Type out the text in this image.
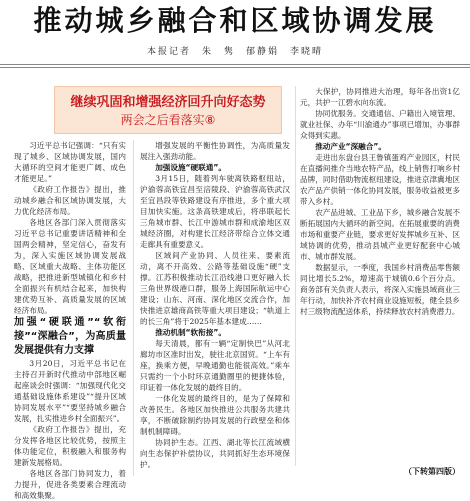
推动城乡融合和区域协调发展
本报记者　朱　隽　郁静娟　李晓晴
继续巩固和增强经济回升向好态势
两会之后看落实⑧

习近平总书记强调：“只有实现了城乡、区域协调发展，国内大循环的空间才能更广阔、成色才能更足。”

《政府工作报告》提出，推动城乡融合和区域协调发展，大力优化经济布局。

各地区各部门深入贯彻落实习近平总书记重要讲话精神和全国两会精神，坚定信心，奋发有为，深入实施区域协调发展战略、区域重大战略、主体功能区战略，把推进新型城镇化和乡村全面振兴有机结合起来，加快构建优势互补、高质量发展的区域经济布局。

加强“硬联通”“软衔接”“深融合”，为高质量发展提供有力支撑

3月20日，习近平总书记在主持召开新时代推动中部地区崛起座谈会时强调：“加强现代化交通基础设施体系建设”“提升区域协同发展水平”“要坚持城乡融合发展，扎实推进乡村全面振兴”。

《政府工作报告》提出，充分发挥各地区比较优势，按照主体功能定位，积极融入和服务构建新发展格局。

各地区各部门协同发力，着力提升，促进各类要素合理流动和高效集聚。

增强发展的平衡性协调性，为高质量发展注入强劲动能。

加强设施“硬联通”。

3月15日，随着列车驶离铁路枢纽站，沪渝蓉高铁宜昌至涪陵段、沪渝蓉高铁武汉至宜昌段等铁路建设有序推进，多个重大项目加快实施。这条高铁建成后，将串联起长三角城市群、长江中游城市群和成渝地区双城经济圈，对构建长江经济带综合立体交通走廊具有重要意义。

区域间产业协同、人员往来、要素流动，离不开高效、公路等基础设施“硬”支撑。江苏积极推动长江沿线港口更好融入长三角世界级港口群，服务上海国际航运中心建设；山东、河南、深化地区交流合作，加快推进京雄商高铁等重大项目建设；“轨道上的长三角”将于2025年基本建成……

推动机制“软衔接”。

每天清晨，都有一辆“定制快巴”从河北廊坊市区准时出发，驶往北京国贸。“上车有座，换乘方便，早晚通勤也能很高效。”乘车只需约一个小时环京通勤圈里的便捷体验，印证着一体化发展的最终目的。

一体化发展的最终目的，是为了保障和改善民生。各地区加快推进公共服务共建共享，不断破除制约协同发展的行政壁垒和体制机制障碍。

协同护生态。江西、湖北等长江流域横向生态保护补偿协议，共同抓好生态环境保护。

大保护，协同推进大治理，每年各出资1亿元，共护一江碧水向东流。

协同优服务。交通通信、户籍出入境管理、就业社保、办年“川渝通办”事项已增加，办事群众得到实惠。

推动产业“深融合”。

走进出东盘台县王鲁镇蛋鸡产业园区，村民在直播间推介当地农特产品，线上销售打响乡村品牌，同时借助物流枢纽建设，推进京津冀地区农产品产供销一体化协同发展，服务收益被更多带入乡村。

农产品进城、工业品下乡，城乡融合发展不断拓展国内大循环的新空间。在拓展重要的消费市场和重要产业链，要求更好发挥城乡互补、区域协调的优势，推动县城产业更好配套中心城市、城市群发展。

数据显示，一季度，我国乡村消费品零售额同比增长5.2%，增速高于城镇0.6个百分点。商务部有关负责人表示，将深入实施县域商业三年行动，加快补齐农村商业设施短板，健全县乡村三级物流配送体系，持续释放农村消费潜力。

（下转第四版）
